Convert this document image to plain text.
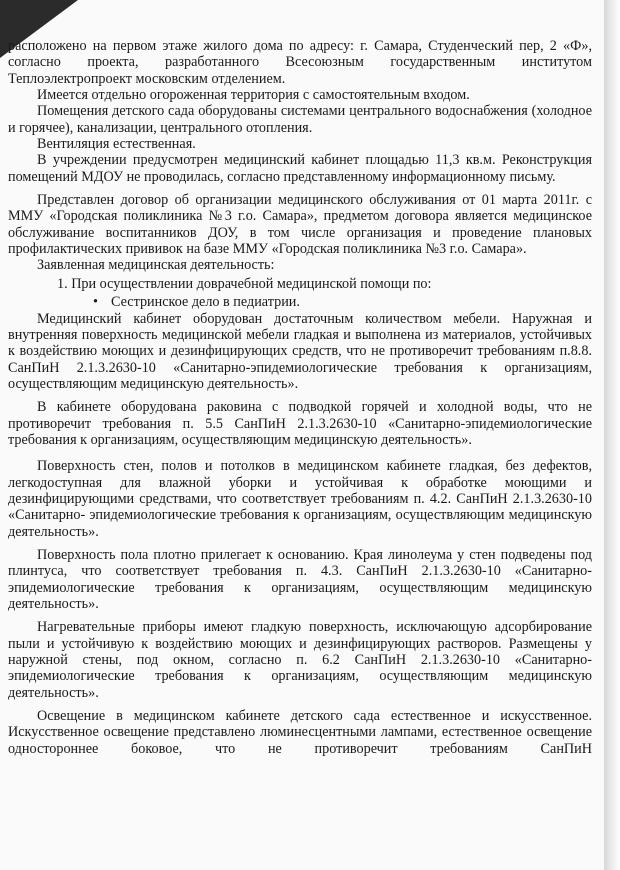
расположено на первом этаже жилого дома по адресу: г. Самара, Студенческий пер, 2 «Ф», согласно проекта, разработанного Всесоюзным государственным институтом Теплоэлектропроект московским отделением.

Имеется отдельно огороженная территория с самостоятельным входом.

Помещения детского сада оборудованы системами центрального водоснабжения (холодное и горячее), канализации, центрального отопления.

Вентиляция естественная.

В учреждении предусмотрен медицинский кабинет площадью 11,3 кв.м. Реконструкция помещений МДОУ не проводилась, согласно представленному информационному письму.

Представлен договор об организации медицинского обслуживания от 01 марта 2011г. с ММУ «Городская поликлиника №3 г.о. Самара», предметом договора является медицинское обслуживание воспитанников ДОУ, в том числе организация и проведение плановых профилактических прививок на базе ММУ «Городская поликлиника №3 г.о. Самара».

Заявленная медицинская деятельность:

1. При осуществлении доврачебной медицинской помощи по:

• Сестринское дело в педиатрии.

Медицинский кабинет оборудован достаточным количеством мебели. Наружная и внутренняя поверхность медицинской мебели гладкая и выполнена из материалов, устойчивых к воздействию моющих и дезинфицирующих средств, что не противоречит требованиям п.8.8. СанПиН 2.1.3.2630-10 «Санитарно-эпидемиологические требования к организациям, осуществляющим медицинскую деятельность».

В кабинете оборудована раковина с подводкой горячей и холодной воды, что не противоречит требования п. 5.5 СанПиН 2.1.3.2630-10 «Санитарно-эпидемиологические требования к организациям, осуществляющим медицинскую деятельность».

Поверхность стен, полов и потолков в медицинском кабинете гладкая, без дефектов, легкодоступная для влажной уборки и устойчивая к обработке моющими и дезинфицирующими средствами, что соответствует требованиям п. 4.2. СанПиН 2.1.3.2630-10 «Санитарно- эпидемиологические требования к организациям, осуществляющим медицинскую деятельность».

Поверхность пола плотно прилегает к основанию. Края линолеума у стен подведены под плинтуса, что соответствует требования п. 4.3. СанПиН 2.1.3.2630-10 «Санитарно- эпидемиологические требования к организациям, осуществляющим медицинскую деятельность».

Нагревательные приборы имеют гладкую поверхность, исключающую адсорбирование пыли и устойчивую к воздействию моющих и дезинфицирующих растворов. Размещены у наружной стены, под окном, согласно п. 6.2 СанПиН 2.1.3.2630-10 «Санитарно- эпидемиологические требования к организациям, осуществляющим медицинскую деятельность».

Освещение в медицинском кабинете детского сада естественное и искусственное. Искусственное освещение представлено люминесцентными лампами, естественное освещение одностороннее боковое, что не противоречит требованиям СанПиН
